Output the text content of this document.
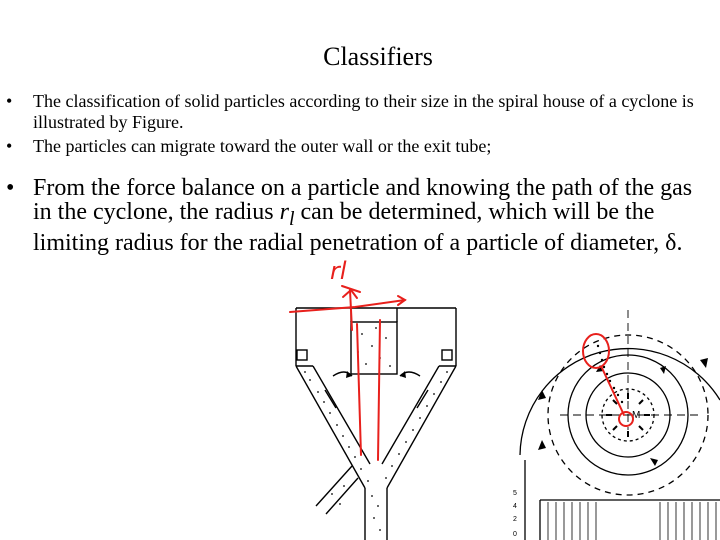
Classifiers
• The classification of solid particles according to their size in the spiral house of a cyclone is illustrated by Figure.
• The particles can migrate toward the outer wall or the exit tube;
• From the force balance on a particle and knowing the path of the gas in the cyclone, the radius $r_l$ can be determined, which will be the limiting radius for the radial penetration of a particle of diameter, δ.
M
5
4
2
0
rl
